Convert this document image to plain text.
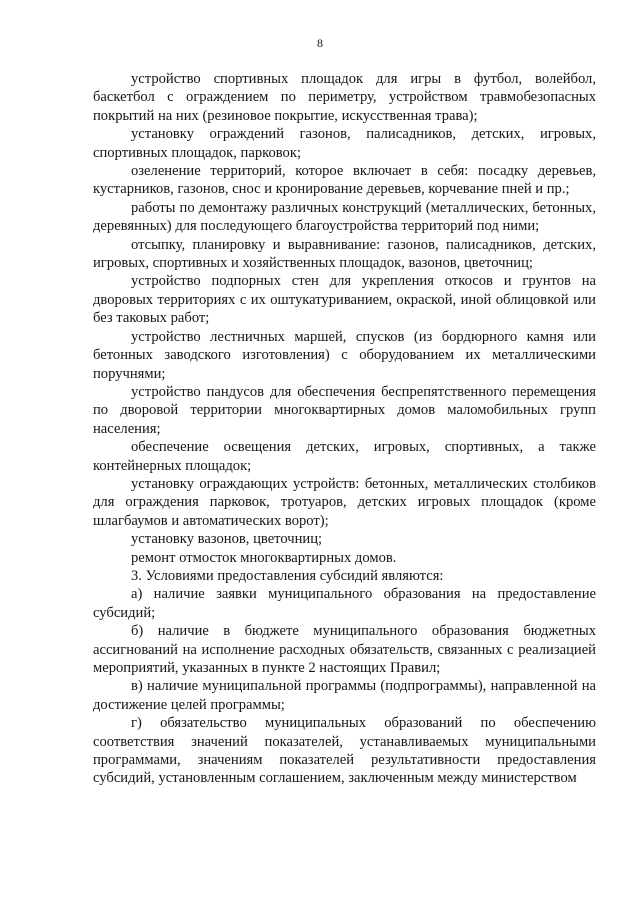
8

устройство спортивных площадок для игры в футбол, волейбол, баскетбол с ограждением по периметру, устройством травмобезопасных покрытий на них (резиновое покрытие, искусственная трава);

установку ограждений газонов, палисадников, детских, игровых, спортивных площадок, парковок;

озеленение территорий, которое включает в себя: посадку деревьев, кустарников, газонов, снос и кронирование деревьев, корчевание пней и пр.;

работы по демонтажу различных конструкций (металлических, бетонных, деревянных) для последующего благоустройства территорий под ними;

отсыпку, планировку и выравнивание: газонов, палисадников, детских, игровых, спортивных и хозяйственных площадок, вазонов, цветочниц;

устройство подпорных стен для укрепления откосов и грунтов на дворовых территориях с их оштукатуриванием, окраской, иной облицовкой или без таковых работ;

устройство лестничных маршей, спусков (из бордюрного камня или бетонных заводского изготовления) с оборудованием их металлическими поручнями;

устройство пандусов для обеспечения беспрепятственного перемещения по дворовой территории многоквартирных домов маломобильных групп населения;

обеспечение освещения детских, игровых, спортивных, а также контейнерных площадок;

установку ограждающих устройств: бетонных, металлических столбиков для ограждения парковок, тротуаров, детских игровых площадок (кроме шлагбаумов и автоматических ворот);

установку вазонов, цветочниц;

ремонт отмосток многоквартирных домов.

3. Условиями предоставления субсидий являются:

а) наличие заявки муниципального образования на предоставление субсидий;

б) наличие в бюджете муниципального образования бюджетных ассигнований на исполнение расходных обязательств, связанных с реализацией мероприятий, указанных в пункте 2 настоящих Правил;

в) наличие муниципальной программы (подпрограммы), направленной на достижение целей программы;

г) обязательство муниципальных образований по обеспечению соответствия значений показателей, устанавливаемых муниципальными программами, значениям показателей результативности предоставления субсидий, установленным соглашением, заключенным между министерством
